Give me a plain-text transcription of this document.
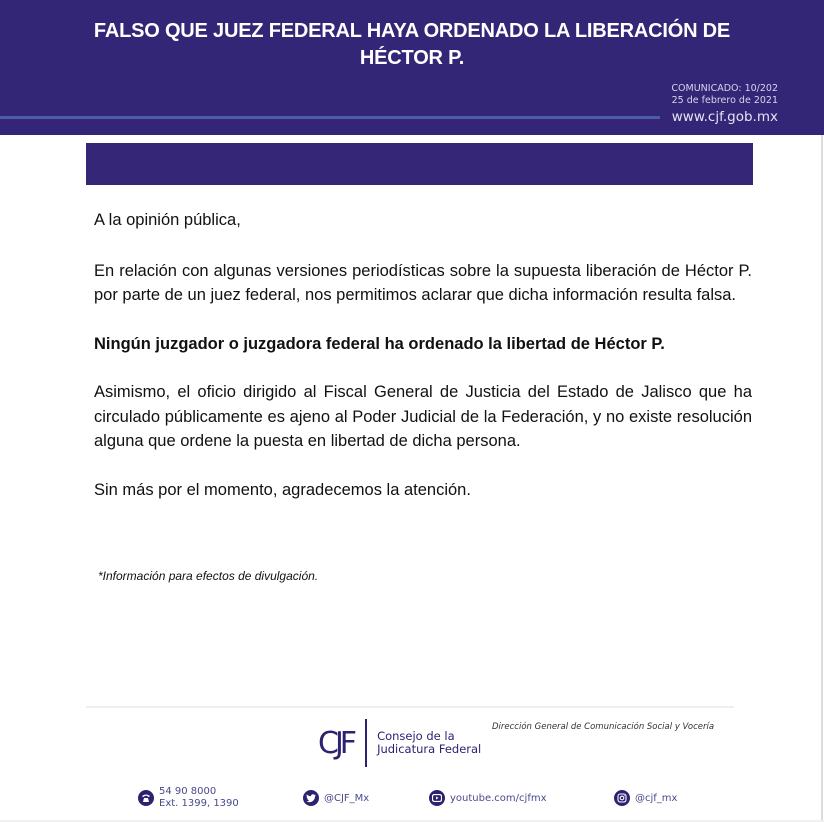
FALSO QUE JUEZ FEDERAL HAYA ORDENADO LA LIBERACIÓN DE HÉCTOR P.
COMUNICADO: 10/202
25 de febrero de 2021
www.cjf.gob.mx

A la opinión pública,

En relación con algunas versiones periodísticas sobre la supuesta liberación de Héctor P. por parte de un juez federal, nos permitimos aclarar que dicha información resulta falsa.

Ningún juzgador o juzgadora federal ha ordenado la libertad de Héctor P.

Asimismo, el oficio dirigido al Fiscal General de Justicia del Estado de Jalisco que ha circulado públicamente es ajeno al Poder Judicial de la Federación, y no existe resolución alguna que ordene la puesta en libertad de dicha persona.

Sin más por el momento, agradecemos la atención.

*Información para efectos de divulgación.
CJF Consejo de la
Judicatura Federal
Dirección General de Comunicación Social y Vocería
54 90 8000
Ext. 1399, 1390	@CJF_Mx	youtube.com/cjfmx	@cjf_mx
